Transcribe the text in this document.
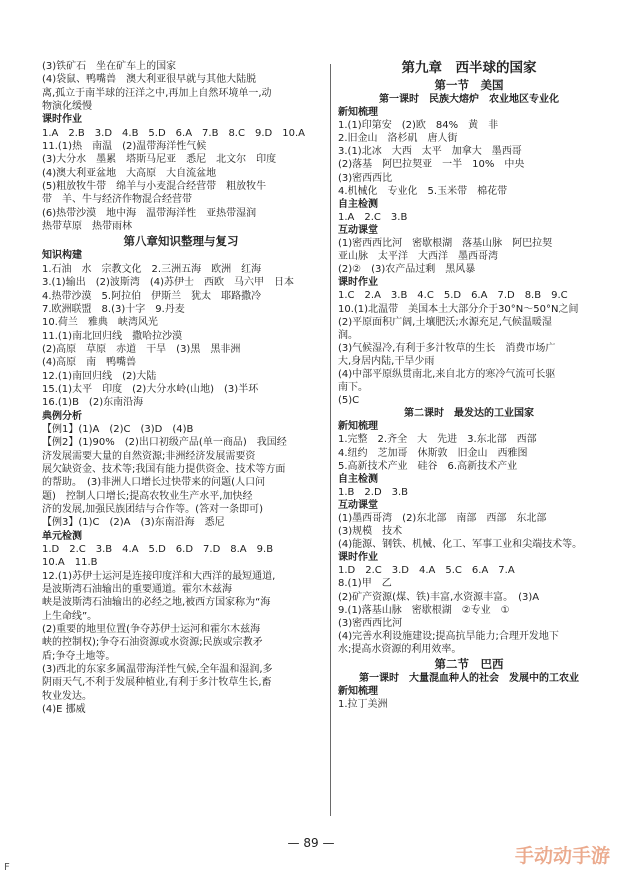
(3)铁矿石　坐在矿车上的国家
(4)袋鼠、鸭嘴兽　澳大利亚很早就与其他大陆脱
离,孤立于南半球的汪洋之中,再加上自然环境单一,动
物演化缓慢
课时作业
1.A　2.B　3.D　4.B　5.D　6.A　7.B　8.C　9.D　10.A
11.(1)热　南温　(2)温带海洋性气候
(3)大分水　墨累　塔斯马尼亚　悉尼　北文尔　印度
(4)澳大利亚盆地　大高原　大自流盆地
(5)粗放牧牛带　绵羊与小麦混合经营带　粗放牧牛
带　羊、牛与经济作物混合经营带
(6)热带沙漠　地中海　温带海洋性　亚热带湿润
热带草原　热带雨林
第八章知识整理与复习
知识构建
1.石油　水　宗教文化　2.三洲五海　欧洲　红海
3.(1)输出　(2)波斯湾　(4)苏伊士　西欧　马六甲　日本
4.热带沙漠　5.阿拉伯　伊斯兰　犹太　耶路撒冷
7.欧洲联盟　8.(3)十字　9.丹麦
10.荷兰　雅典　峡湾风光
11.(1)南北回归线　撒哈拉沙漠
(2)高原　草原　赤道　干旱　(3)黑　黑非洲
(4)高原　南　鸭嘴兽
12.(1)南回归线　(2)大陆
15.(1)太平　印度　(2)大分水岭(山地)　(3)半环
16.(1)B　(2)东南沿海
典例分析
【例1】(1)A　(2)C　(3)D　(4)B
【例2】(1)90%　(2)出口初级产品(单一商品)　我国经
济发展需要大量的自然资源;非洲经济发展需要资
展欠缺资金、技术等;我国有能力提供资金、技术等方面
的帮助。　(3)非洲人口增长过快带来的问题(人口问
题)　控制人口增长;提高农牧业生产水平,加快经
济的发展,加强民族团结与合作等。(答对一条即可)
【例3】(1)C　(2)A　(3)东南沿海　悉尼
单元检测
1.D　2.C　3.B　4.A　5.D　6.D　7.D　8.A　9.B
10.A　11.B
12.(1)苏伊士运河是连接印度洋和大西洋的最短通道,
是波斯湾石油输出的重要通道。霍尔木兹海
峡是波斯湾石油输出的必经之地,被西方国家称为“海
上生命线”。
(2)重要的地里位置(争夺苏伊士运河和霍尔木兹海
峡的控制权);争夺石油资源或水资源;民族或宗教矛
盾;争夺土地等。
(3)西北的东家多属温带海洋性气候,全年温和湿润,多
阴雨天气,不利于发展种植业,有利于多汁牧草生长,畜
牧业发达。
(4)E 挪威
第九章　西半球的国家
第一节　美国
第一课时　民族大熔炉　农业地区专业化
新知梳理
1.(1)印第安　(2)欧　84%　黄　非
2.旧金山　洛杉矶　唐人街
3.(1)北冰　大西　太平　加拿大　墨西哥
(2)落基　阿巴拉契亚　一半　10%　中央
(3)密西西比
4.机械化　专业化　5.玉米带　棉花带
自主检测
1.A　2.C　3.B
互动课堂
(1)密西西比河　密歇根湖　落基山脉　阿巴拉契
亚山脉　太平洋　大西洋　墨西哥湾
(2)②　(3)农产品过剩　黑风暴
课时作业
1.C　2.A　3.B　4.C　5.D　6.A　7.D　8.B　9.C
10.(1)北温带　美国本土大部分介于30°N～50°N之间
(2)平原面积广阔,土壤肥沃;水源充足,气候温暖湿
润。
(3)气候湿冷,有利于多汁牧草的生长　消费市场广
大,身居内陆,干旱少雨
(4)中部平原纵贯南北,来自北方的寒冷气流可长驱
南下。
(5)C
第二课时　最发达的工业国家
新知梳理
1.完整　2.齐全　大　先进　3.东北部　西部
4.纽约　芝加哥　休斯敦　旧金山　西雅图
5.高新技术产业　硅谷　6.高新技术产业
自主检测
1.B　2.D　3.B
互动课堂
(1)墨西哥湾　(2)东北部　南部　西部　东北部
(3)规模　技术
(4)能源、钢铁、机械、化工、军事工业和尖端技术等。
课时作业
1.D　2.C　3.D　4.A　5.C　6.A　7.A
8.(1)甲　乙
(2)矿产资源(煤、铁)丰富,水资源丰富。　(3)A
9.(1)落基山脉　密歇根湖　②专业　①
(3)密西西比河
(4)完善水利设施建设;提高抗旱能力;合理开发地下
水;提高水资源的利用效率。
第二节　巴西
第一课时　大量混血种人的社会　发展中的工农业
新知梳理
1.拉丁美洲
— 89 —
F
手动动手游
